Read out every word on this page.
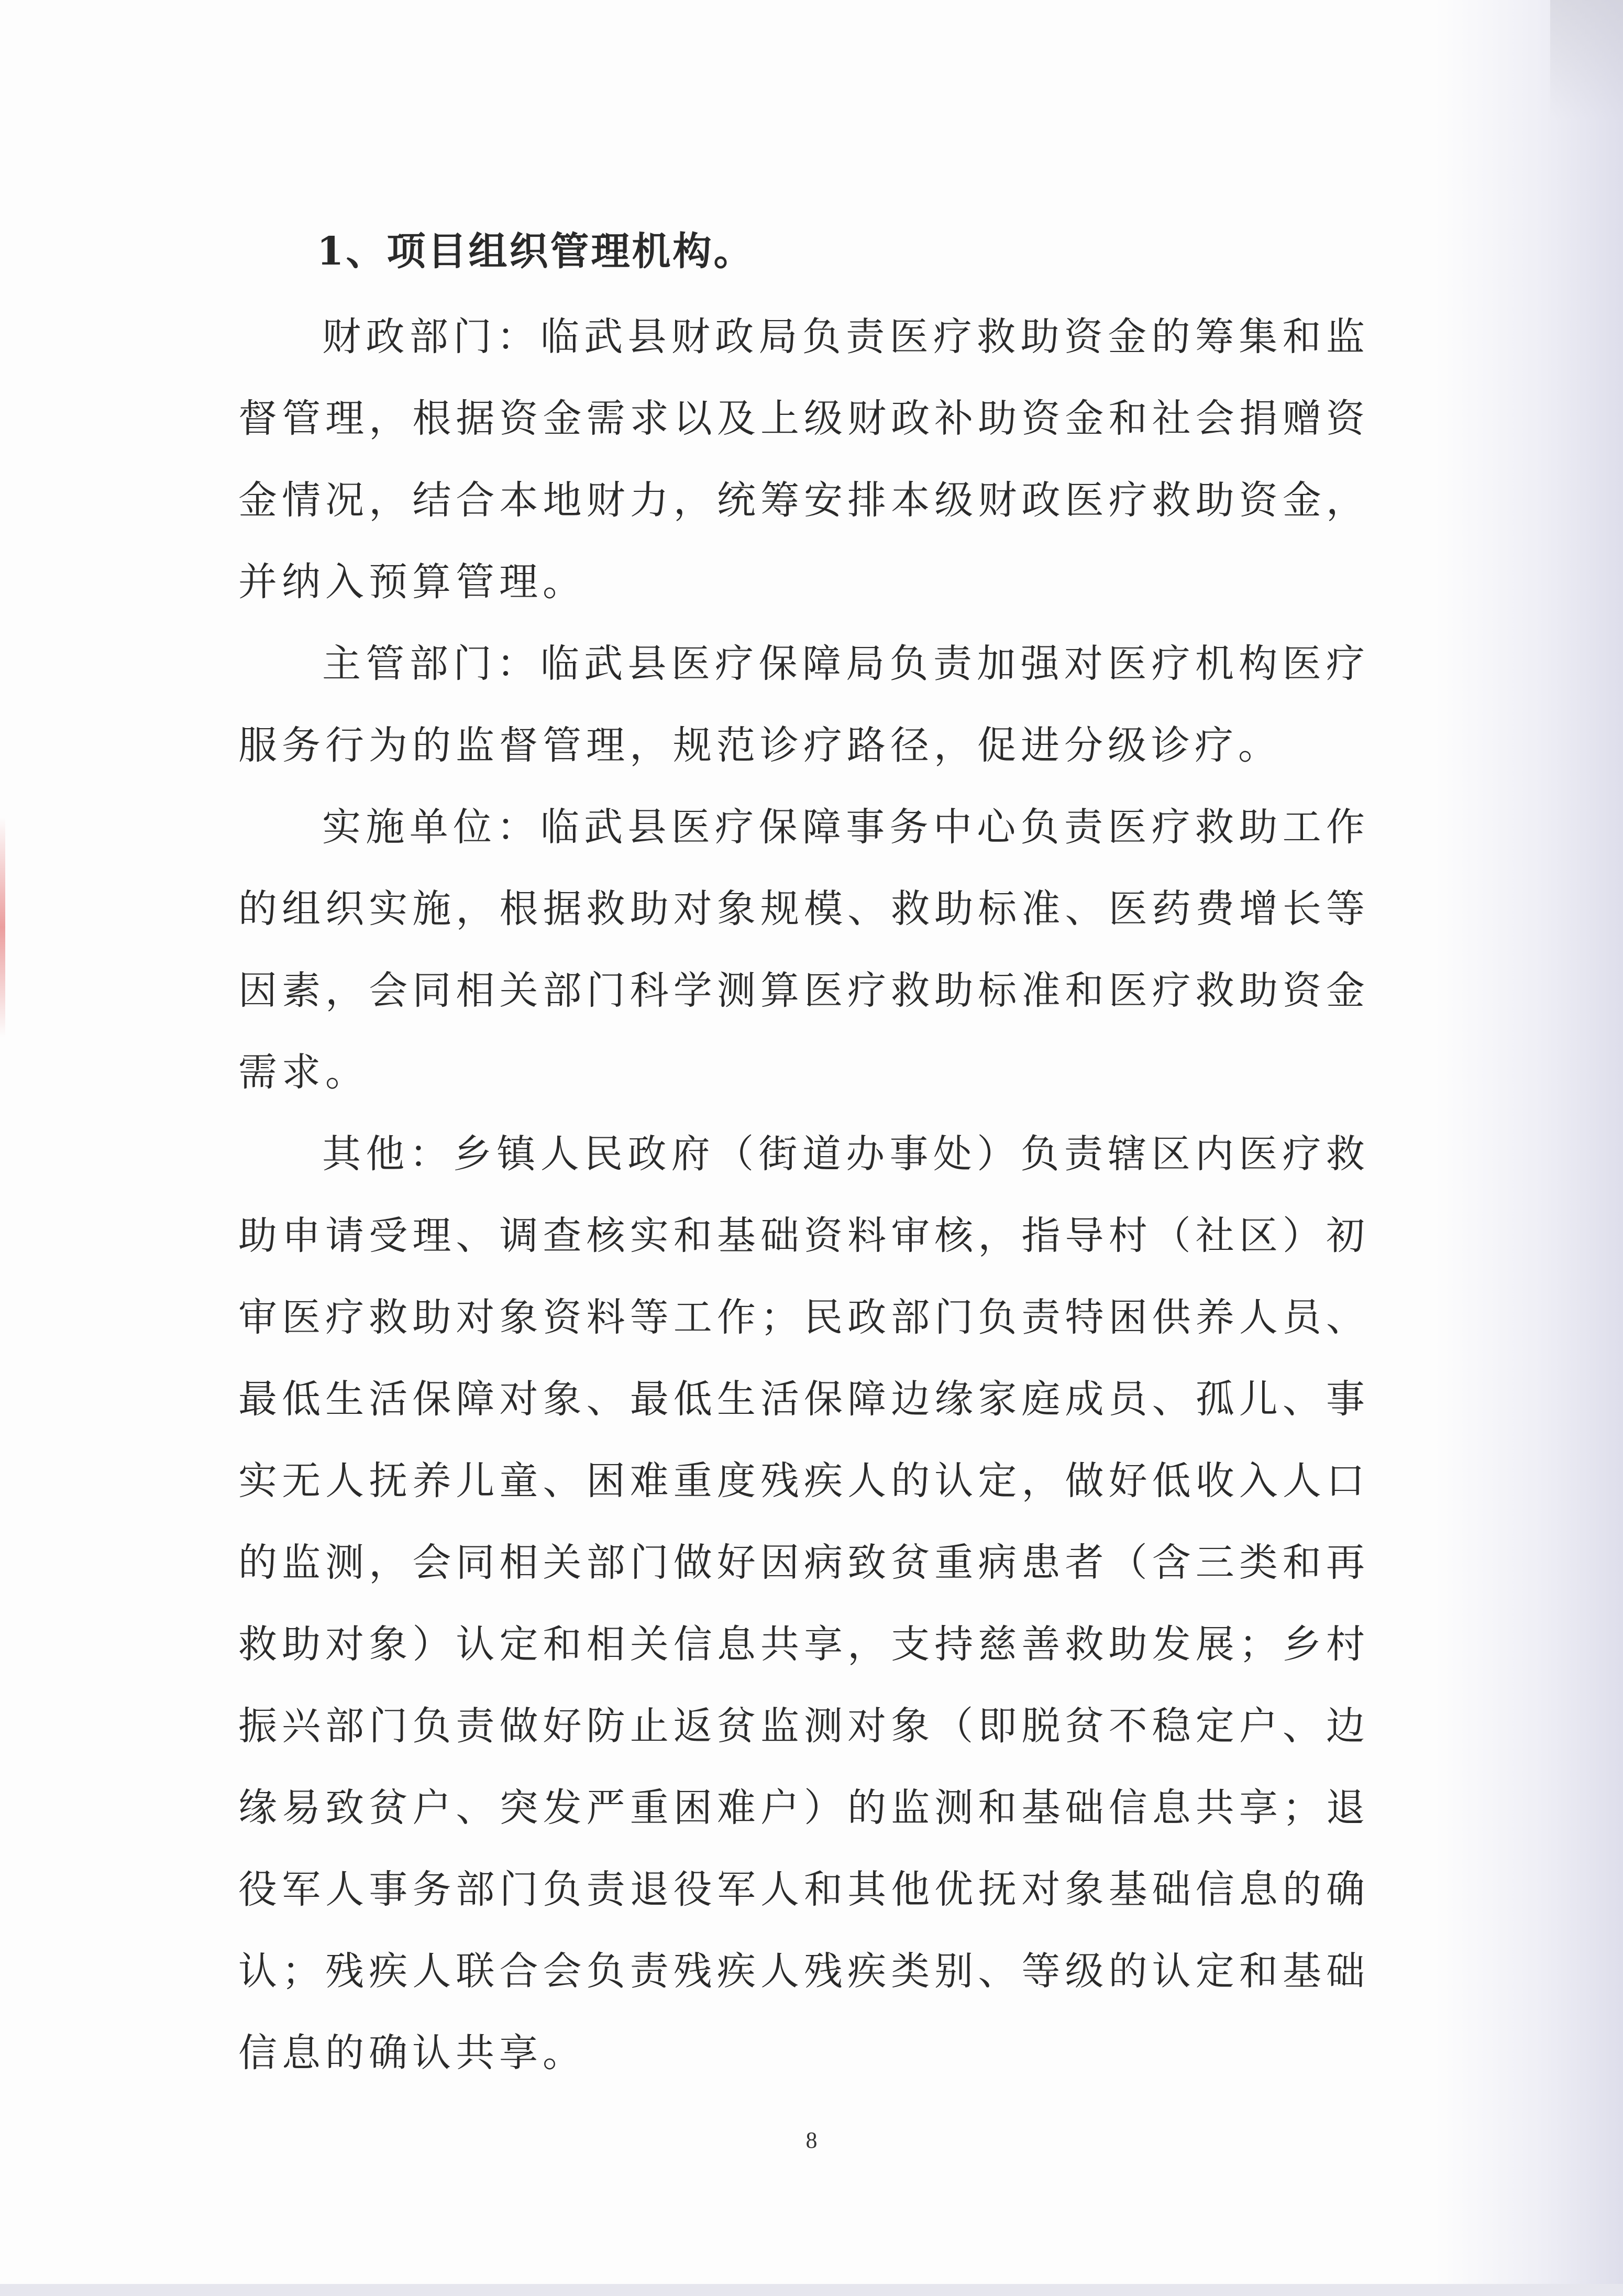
1、项目组织管理机构。

财政部门：临武县财政局负责医疗救助资金的筹集和监督管理，根据资金需求以及上级财政补助资金和社会捐赠资金情况，结合本地财力，统筹安排本级财政医疗救助资金，并纳入预算管理。

主管部门：临武县医疗保障局负责加强对医疗机构医疗服务行为的监督管理，规范诊疗路径，促进分级诊疗。

实施单位：临武县医疗保障事务中心负责医疗救助工作的组织实施，根据救助对象规模、救助标准、医药费增长等因素，会同相关部门科学测算医疗救助标准和医疗救助资金需求。

其他：乡镇人民政府（街道办事处）负责辖区内医疗救助申请受理、调查核实和基础资料审核，指导村（社区）初审医疗救助对象资料等工作；民政部门负责特困供养人员、最低生活保障对象、最低生活保障边缘家庭成员、孤儿、事实无人抚养儿童、困难重度残疾人的认定，做好低收入人口的监测，会同相关部门做好因病致贫重病患者（含三类和再救助对象）认定和相关信息共享，支持慈善救助发展；乡村振兴部门负责做好防止返贫监测对象（即脱贫不稳定户、边缘易致贫户、突发严重困难户）的监测和基础信息共享；退役军人事务部门负责退役军人和其他优抚对象基础信息的确认；残疾人联合会负责残疾人残疾类别、等级的认定和基础信息的确认共享。

8
